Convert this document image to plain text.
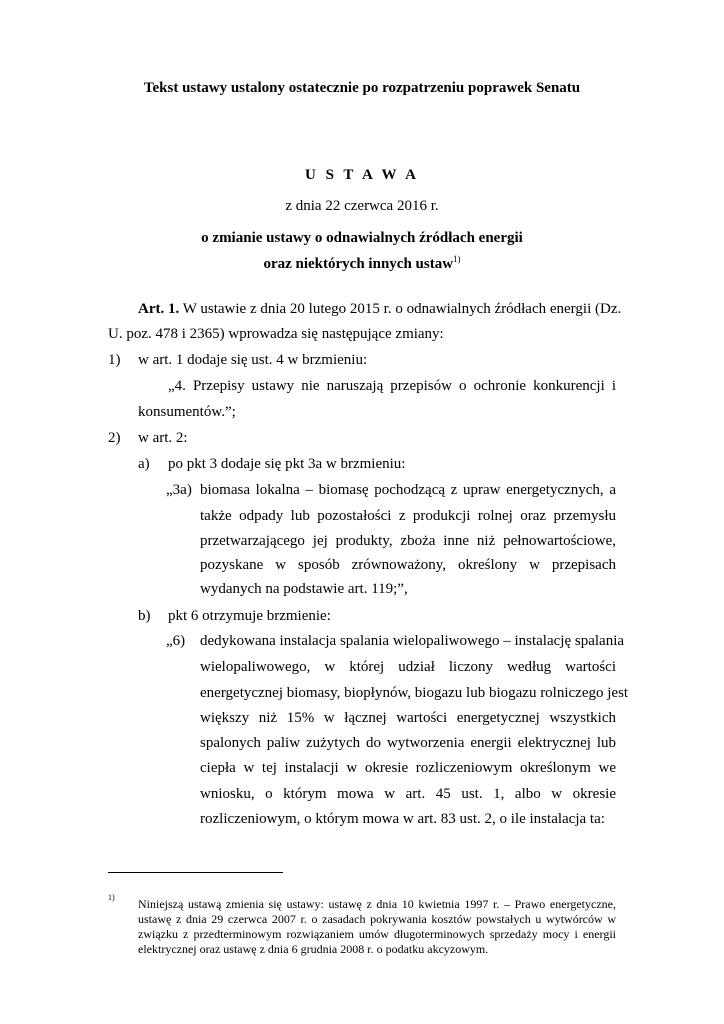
Tekst ustawy ustalony ostatecznie po rozpatrzeniu poprawek Senatu

U S T A W A

z dnia 22 czerwca 2016 r.

o zmianie ustawy o odnawialnych źródłach energii

oraz niektórych innych ustaw$^{1)}$

Art. 1. W ustawie z dnia 20 lutego 2015 r. o odnawialnych źródłach energii (Dz.

U. poz. 478 i 2365) wprowadza się następujące zmiany:

1) w art. 1 dodaje się ust. 4 w brzmieniu:

„4. Przepisy ustawy nie naruszają przepisów o ochronie konkurencji i

konsumentów.”;

2) w art. 2:

a) po pkt 3 dodaje się pkt 3a w brzmieniu:

„3a) biomasa lokalna – biomasę pochodzącą z upraw energetycznych, a

także odpady lub pozostałości z produkcji rolnej oraz przemysłu

przetwarzającego jej produkty, zboża inne niż pełnowartościowe,

pozyskane w sposób zrównoważony, określony w przepisach

wydanych na podstawie art. 119;”,

b) pkt 6 otrzymuje brzmienie:

„6) dedykowana instalacja spalania wielopaliwowego – instalację spalania

wielopaliwowego, w której udział liczony według wartości

energetycznej biomasy, biopłynów, biogazu lub biogazu rolniczego jest

większy niż 15% w łącznej wartości energetycznej wszystkich

spalonych paliw zużytych do wytworzenia energii elektrycznej lub

ciepła w tej instalacji w okresie rozliczeniowym określonym we

wniosku, o którym mowa w art. 45 ust. 1, albo w okresie

rozliczeniowym, o którym mowa w art. 83 ust. 2, o ile instalacja ta:

1) Niniejszą ustawą zmienia się ustawy: ustawę z dnia 10 kwietnia 1997 r. – Prawo energetyczne,

ustawę z dnia 29 czerwca 2007 r. o zasadach pokrywania kosztów powstałych u wytwórców w

związku z przedterminowym rozwiązaniem umów długoterminowych sprzedaży mocy i energii

elektrycznej oraz ustawę z dnia 6 grudnia 2008 r. o podatku akcyzowym.
